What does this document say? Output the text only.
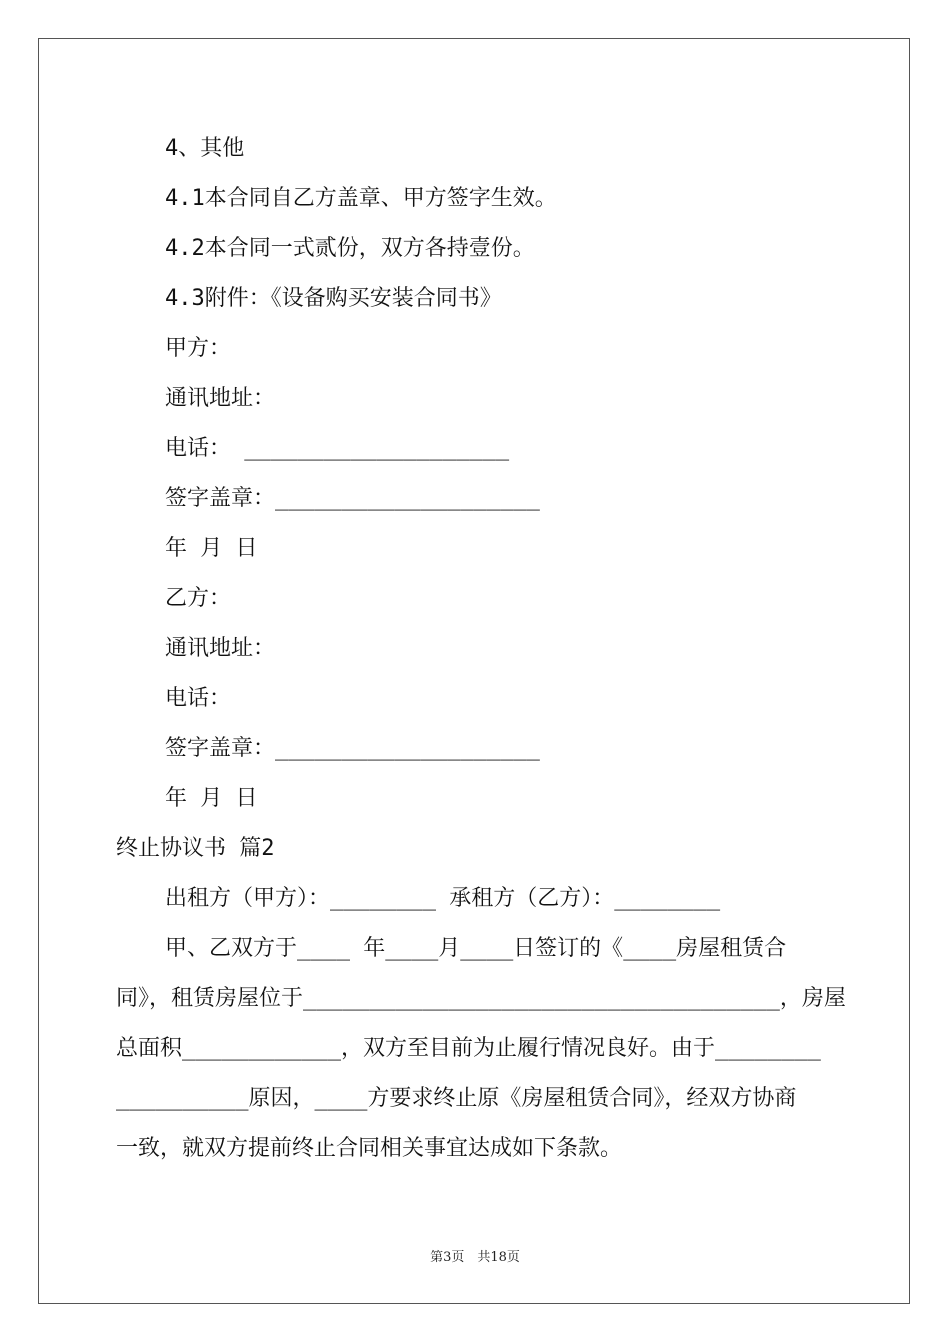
4、其他
4.1本合同自乙方盖章、甲方签字生效。
4.2本合同一式贰份，双方各持壹份。
4.3附件：《设备购买安装合同书》
甲方：
通讯地址：
电话： ____________________
签字盖章：____________________
年 月 日
乙方：
通讯地址：
电话：
签字盖章：____________________
年 月 日
终止协议书 篇2
出租方（甲方）：________ 承租方（乙方）：________
甲、乙双方于____ 年____月____日签订的《____房屋租赁合
同》，租赁房屋位于____________________________________，房屋
总面积____________，双方至目前为止履行情况良好。由于________
__________原因，____方要求终止原《房屋租赁合同》，经双方协商
一致，就双方提前终止合同相关事宜达成如下条款。
第3页　共18页
